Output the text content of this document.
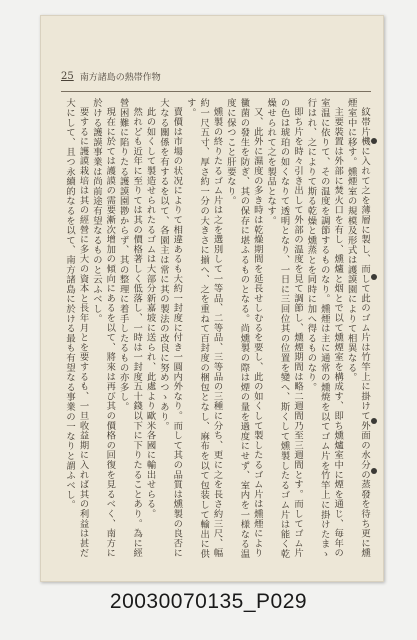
25 南方諸島の熱帯作物

紋帯片機に入れて之を薄層に製し、而して此のゴム片は竹竿上に掛けて外面の水分の蒸發を待ち更に燻煙室中に移す。燻煙室の規模及形式は護謨園によりて相異なる。

主要裝置は外部に焚火口を有し、燻爐と烟とで以て燻煙室を構成す、即ち燻爐室中に煙を通じ、毎年の室温に依りて、その温度を調節するものなり。燻煙は主に通常の燻焼を以てゴム片を竹竿上に掛けたまゝ行はれ、之によりて斯る乾燥と燻蒸とを同時に加へ得るものなり。

即ち片を時々引き出して外部の温度を見て調節し、燻煙期間は略二週間乃至三週間とす。而してゴム片の色は琥珀の如くなりて透明となり、一日に三回位其の位置を變へ、斯くして燻製したるゴム片は能く乾燥せられて之を製品となす。

又、此外に濕度の多き時は乾燥期間を延長せしむるを要し、此の如くして製したるゴム片は燻煙により黴菌の發生を防ぎ、其の保存に堪ふるものとなる。尚燻製の際は煙の量を過度にせず、室内を一様なる温度に保つこと肝要なり。

燻製の終りたるゴム片は之を選別して一等品、二等品、三等品の三種に分ち、更に之を長さ約三尺、幅約一尺五寸、厚さ約一分の大きさに揃へ、之を重ねて百封度の梱包となし、麻布を以て包装して輸出に供す。

賣價は市場の状况によりて相違あるも大約一封度に付き一圓内外なり。而して其の品質は燻製の良否に大なる關係を有するを以て、各園主は常に其の製法の改良に努めつゝあり。

此の如くして製造せられたるゴムは大部分新嘉坡に送られ、此處より歐米各國に輸出せらる。

然れども近年に至りては其の價格著しく低落し、一時は一封度五十錢以下に下りたることあり。為に經營困難に陷りたる護謨園尠からず、其の整理に着手したるもの亦多し。

現在に於ては護謨の需要漸次增加の傾向にあるを以て、將來は再び其の價格の回復を見るべく、南方に於ける護謨事業は尚前途有望なるものと云ふべし。

要するに護謨栽培は其の經營に多大の資本と長年月とを要するも、一旦收益期に入れば其の利益は甚だ大にして、且つ永續的なるを以て、南方諸島に於ける最も有望なる事業の一なりと謂ふべし。

20030070135_P029
